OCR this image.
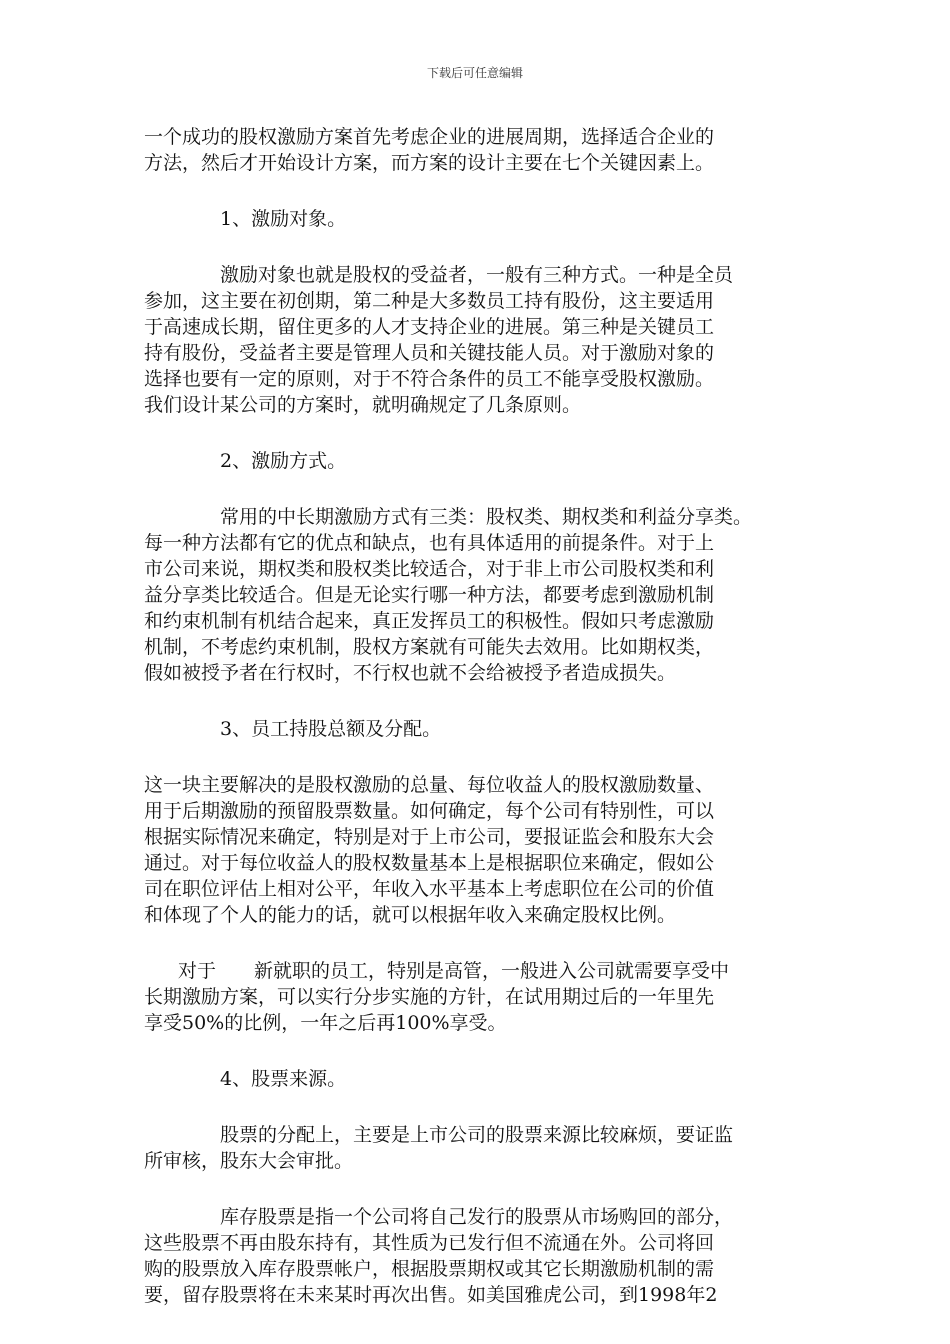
下载后可任意编辑
一个成功的股权激励方案首先考虑企业的进展周期，选择适合企业的
方法，然后才开始设计方案，而方案的设计主要在七个关键因素上。
1、激励对象。
激励对象也就是股权的受益者，一般有三种方式。一种是全员
参加，这主要在初创期，第二种是大多数员工持有股份，这主要适用
于高速成长期，留住更多的人才支持企业的进展。第三种是关键员工
持有股份，受益者主要是管理人员和关键技能人员。对于激励对象的
选择也要有一定的原则，对于不符合条件的员工不能享受股权激励。
我们设计某公司的方案时，就明确规定了几条原则。
2、激励方式。
常用的中长期激励方式有三类：股权类、期权类和利益分享类。
每一种方法都有它的优点和缺点，也有具体适用的前提条件。对于上
市公司来说，期权类和股权类比较适合，对于非上市公司股权类和利
益分享类比较适合。但是无论实行哪一种方法，都要考虑到激励机制
和约束机制有机结合起来，真正发挥员工的积极性。假如只考虑激励
机制，不考虑约束机制，股权方案就有可能失去效用。比如期权类，
假如被授予者在行权时，不行权也就不会给被授予者造成损失。
3、员工持股总额及分配。
这一块主要解决的是股权激励的总量、每位收益人的股权激励数量、
用于后期激励的预留股票数量。如何确定，每个公司有特别性，可以
根据实际情况来确定，特别是对于上市公司，要报证监会和股东大会
通过。对于每位收益人的股权数量基本上是根据职位来确定，假如公
司在职位评估上相对公平，年收入水平基本上考虑职位在公司的价值
和体现了个人的能力的话，就可以根据年收入来确定股权比例。
对于 新就职的员工，特别是高管，一般进入公司就需要享受中
长期激励方案，可以实行分步实施的方针，在试用期过后的一年里先
享受50%的比例，一年之后再100%享受。
4、股票来源。
股票的分配上，主要是上市公司的股票来源比较麻烦，要证监
所审核，股东大会审批。
库存股票是指一个公司将自己发行的股票从市场购回的部分，
这些股票不再由股东持有，其性质为已发行但不流通在外。公司将回
购的股票放入库存股票帐户，根据股票期权或其它长期激励机制的需
要，留存股票将在未来某时再次出售。如美国雅虎公司，到1998年2
